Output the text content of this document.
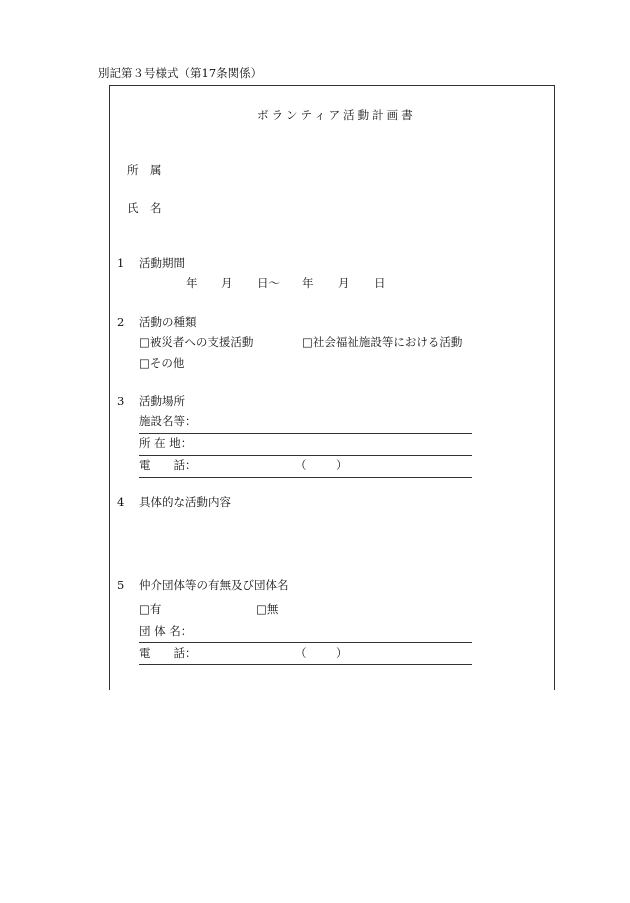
別記第３号様式（第17条関係）
ボランティア活動計画書
所　属
氏　名
1 活動期間
年 月 日〜 年 月 日
2 活動の種類
□被災者への支援活動	□社会福祉施設等における活動
□その他
3 活動場所
施設名等：
所 在 地：
電　　話：	（	）
4 具体的な活動内容
5 仲介団体等の有無及び団体名
□有	□無
団 体 名：
電　　話：	（	）
